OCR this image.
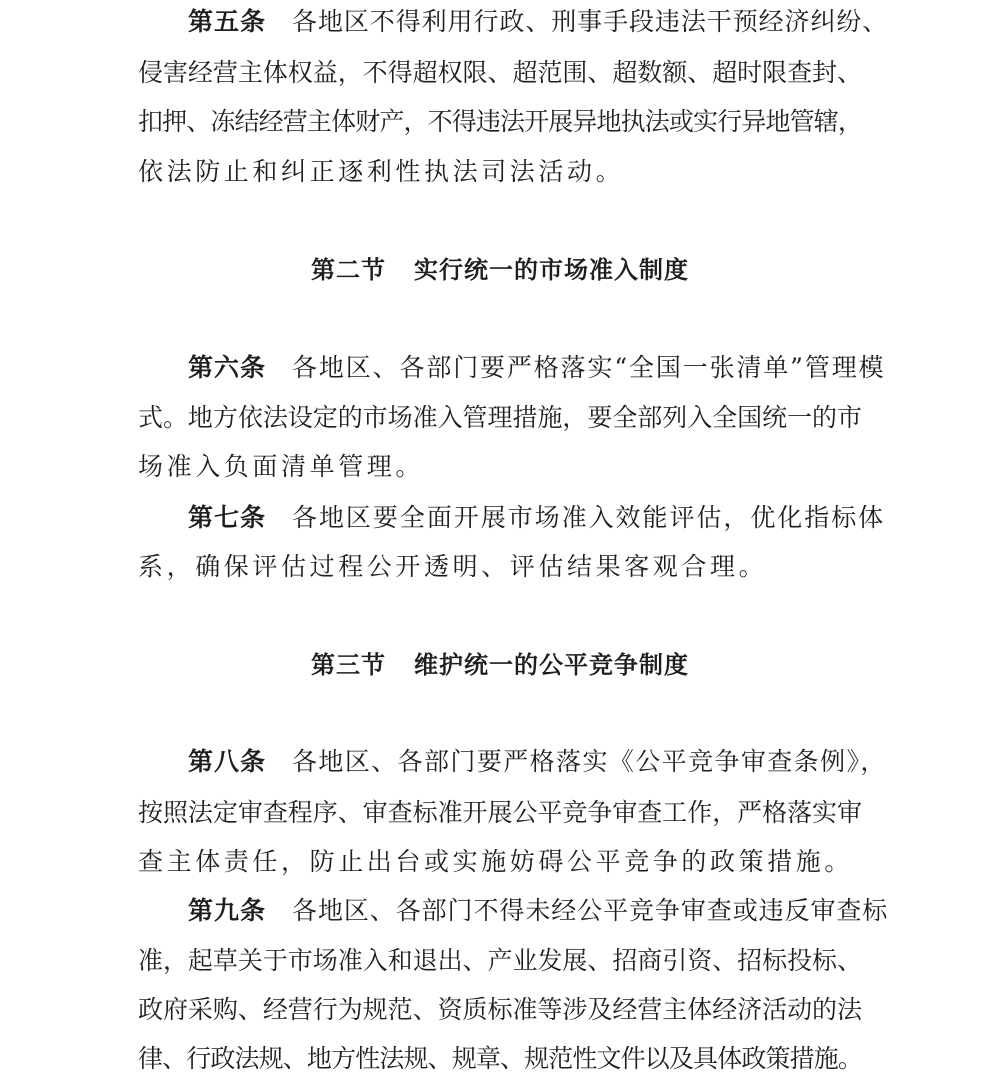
第五条 各地区不得利用行政、刑事手段违法干预经济纠纷、
侵害经营主体权益，不得超权限、超范围、超数额、超时限查封、
扣押、冻结经营主体财产，不得违法开展异地执法或实行异地管辖，
依法防止和纠正逐利性执法司法活动。
第二节 实行统一的市场准入制度
第六条 各地区、各部门要严格落实“全国一张清单”管理模
式。地方依法设定的市场准入管理措施，要全部列入全国统一的市
场准入负面清单管理。
第七条 各地区要全面开展市场准入效能评估，优化指标体
系，确保评估过程公开透明、评估结果客观合理。
第三节 维护统一的公平竞争制度
第八条 各地区、各部门要严格落实《公平竞争审查条例》，
按照法定审查程序、审查标准开展公平竞争审查工作，严格落实审
查主体责任，防止出台或实施妨碍公平竞争的政策措施。
第九条 各地区、各部门不得未经公平竞争审查或违反审查标
准，起草关于市场准入和退出、产业发展、招商引资、招标投标、
政府采购、经营行为规范、资质标准等涉及经营主体经济活动的法
律、行政法规、地方性法规、规章、规范性文件以及具体政策措施。
